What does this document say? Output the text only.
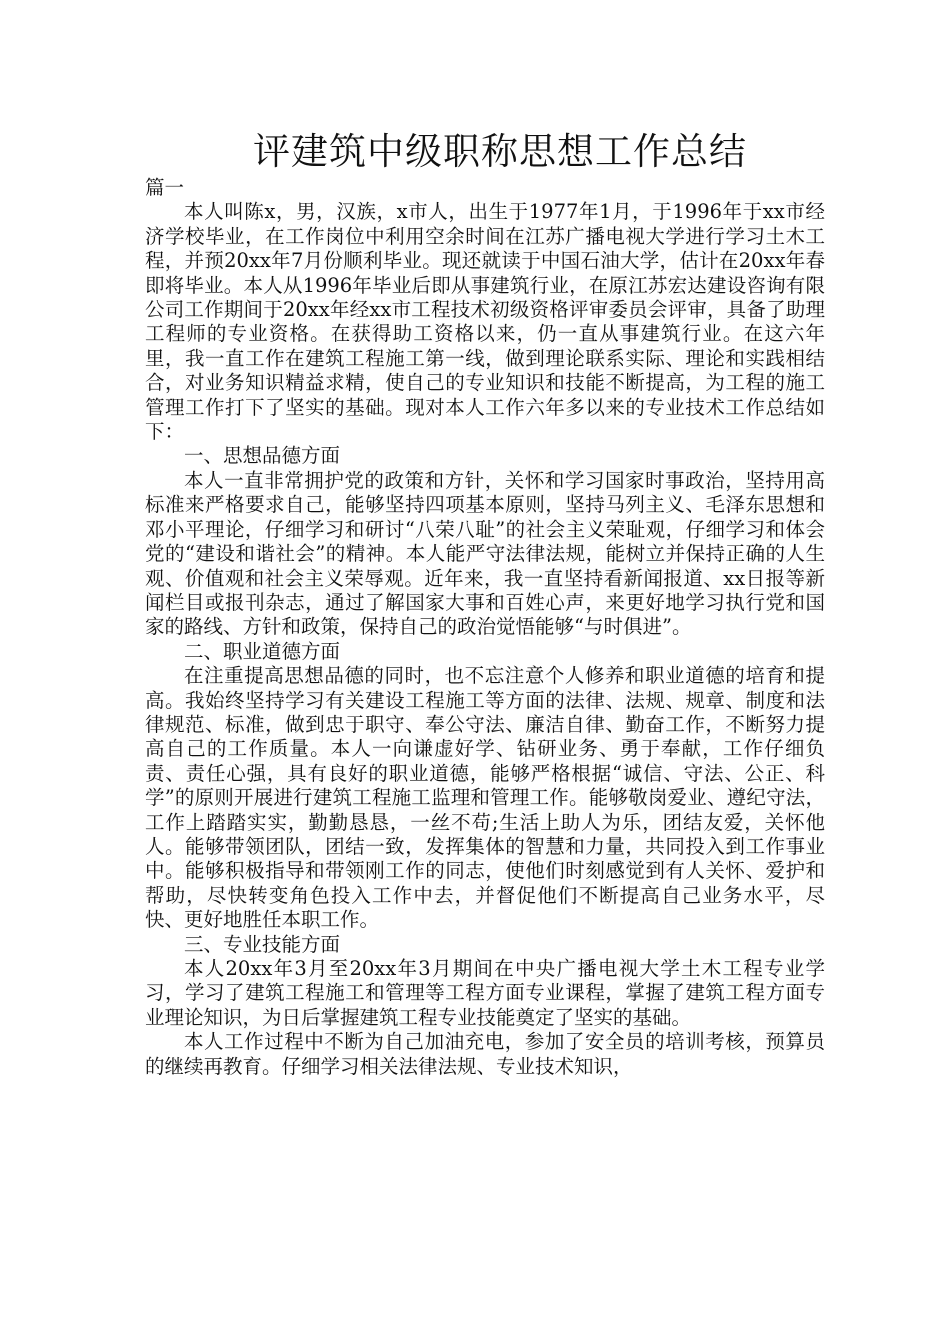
评建筑中级职称思想工作总结

篇一

本人叫陈x，男，汉族，x市人，出生于1977年1月，于1996年于xx市经济学校毕业，在工作岗位中利用空余时间在江苏广播电视大学进行学习土木工程，并预20xx年7月份顺利毕业。现还就读于中国石油大学，估计在20xx年春即将毕业。本人从1996年毕业后即从事建筑行业，在原江苏宏达建设咨询有限公司工作期间于20xx年经xx市工程技术初级资格评审委员会评审，具备了助理工程师的专业资格。在获得助工资格以来，仍一直从事建筑行业。在这六年里，我一直工作在建筑工程施工第一线，做到理论联系实际、理论和实践相结合，对业务知识精益求精，使自己的专业知识和技能不断提高，为工程的施工管理工作打下了坚实的基础。现对本人工作六年多以来的专业技术工作总结如下：

一、思想品德方面

本人一直非常拥护党的政策和方针，关怀和学习国家时事政治，坚持用高标准来严格要求自己，能够坚持四项基本原则，坚持马列主义、毛泽东思想和邓小平理论，仔细学习和研讨“八荣八耻”的社会主义荣耻观，仔细学习和体会党的“建设和谐社会”的精神。本人能严守法律法规，能树立并保持正确的人生观、价值观和社会主义荣辱观。近年来，我一直坚持看新闻报道、xx日报等新闻栏目或报刊杂志，通过了解国家大事和百姓心声，来更好地学习执行党和国家的路线、方针和政策，保持自己的政治觉悟能够“与时俱进”。

二、职业道德方面

在注重提高思想品德的同时，也不忘注意个人修养和职业道德的培育和提高。我始终坚持学习有关建设工程施工等方面的法律、法规、规章、制度和法律规范、标准，做到忠于职守、奉公守法、廉洁自律、勤奋工作，不断努力提高自己的工作质量。本人一向谦虚好学、钻研业务、勇于奉献，工作仔细负责、责任心强，具有良好的职业道德，能够严格根据“诚信、守法、公正、科学”的原则开展进行建筑工程施工监理和管理工作。能够敬岗爱业、遵纪守法，工作上踏踏实实，勤勤恳恳，一丝不苟;生活上助人为乐，团结友爱，关怀他人。能够带领团队，团结一致，发挥集体的智慧和力量，共同投入到工作事业中。能够积极指导和带领刚工作的同志，使他们时刻感觉到有人关怀、爱护和帮助，尽快转变角色投入工作中去，并督促他们不断提高自己业务水平，尽快、更好地胜任本职工作。

三、专业技能方面

本人20xx年3月至20xx年3月期间在中央广播电视大学土木工程专业学习，学习了建筑工程施工和管理等工程方面专业课程，掌握了建筑工程方面专业理论知识，为日后掌握建筑工程专业技能奠定了坚实的基础。

本人工作过程中不断为自己加油充电，参加了安全员的培训考核，预算员的继续再教育。仔细学习相关法律法规、专业技术知识，
